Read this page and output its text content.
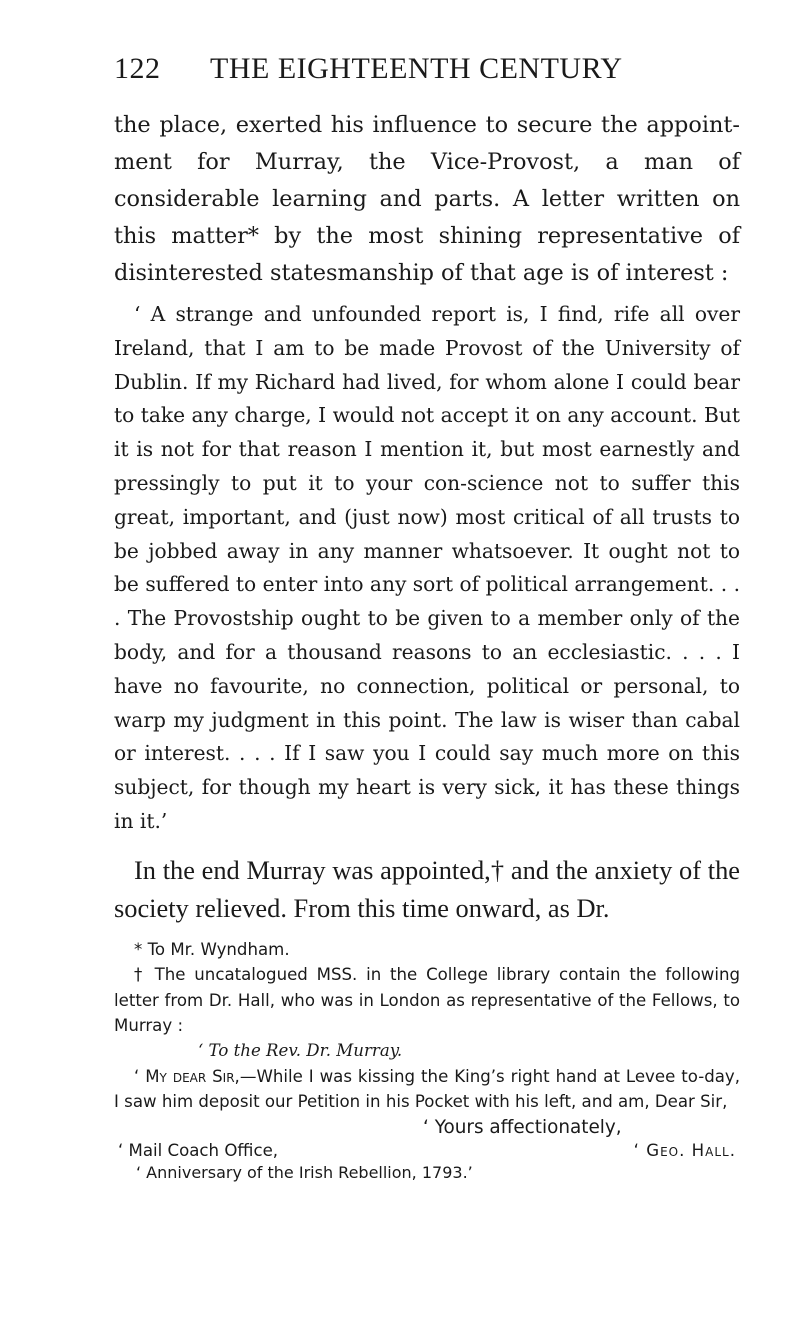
122	THE EIGHTEENTH CENTURY

the place, exerted his influence to secure the appoint-ment for Murray, the Vice-Provost, a man of considerable learning and parts. A letter written on this matter* by the most shining representative of disinterested statesmanship of that age is of interest :

‘ A strange and unfounded report is, I find, rife all over Ireland, that I am to be made Provost of the University of Dublin. If my Richard had lived, for whom alone I could bear to take any charge, I would not accept it on any account. But it is not for that reason I mention it, but most earnestly and pressingly to put it to your con-science not to suffer this great, important, and (just now) most critical of all trusts to be jobbed away in any manner whatsoever. It ought not to be suffered to enter into any sort of political arrangement. . . . The Provostship ought to be given to a member only of the body, and for a thousand reasons to an ecclesiastic. . . . I have no favourite, no connection, political or personal, to warp my judgment in this point. The law is wiser than cabal or interest. . . . If I saw you I could say much more on this subject, for though my heart is very sick, it has these things in it.’

In the end Murray was appointed,† and the anxiety of the society relieved. From this time onward, as Dr.

* To Mr. Wyndham.

† The uncatalogued MSS. in the College library contain the following letter from Dr. Hall, who was in London as representative of the Fellows, to Murray :

‘ To the Rev. Dr. Murray.

‘ My dear Sir,—While I was kissing the King’s right hand at Levee to-day, I saw him deposit our Petition in his Pocket with his left, and am, Dear Sir,

‘ Yours affectionately,

‘ Mail Coach Office,	‘ Geo. Hall.

‘ Anniversary of the Irish Rebellion, 1793.’
